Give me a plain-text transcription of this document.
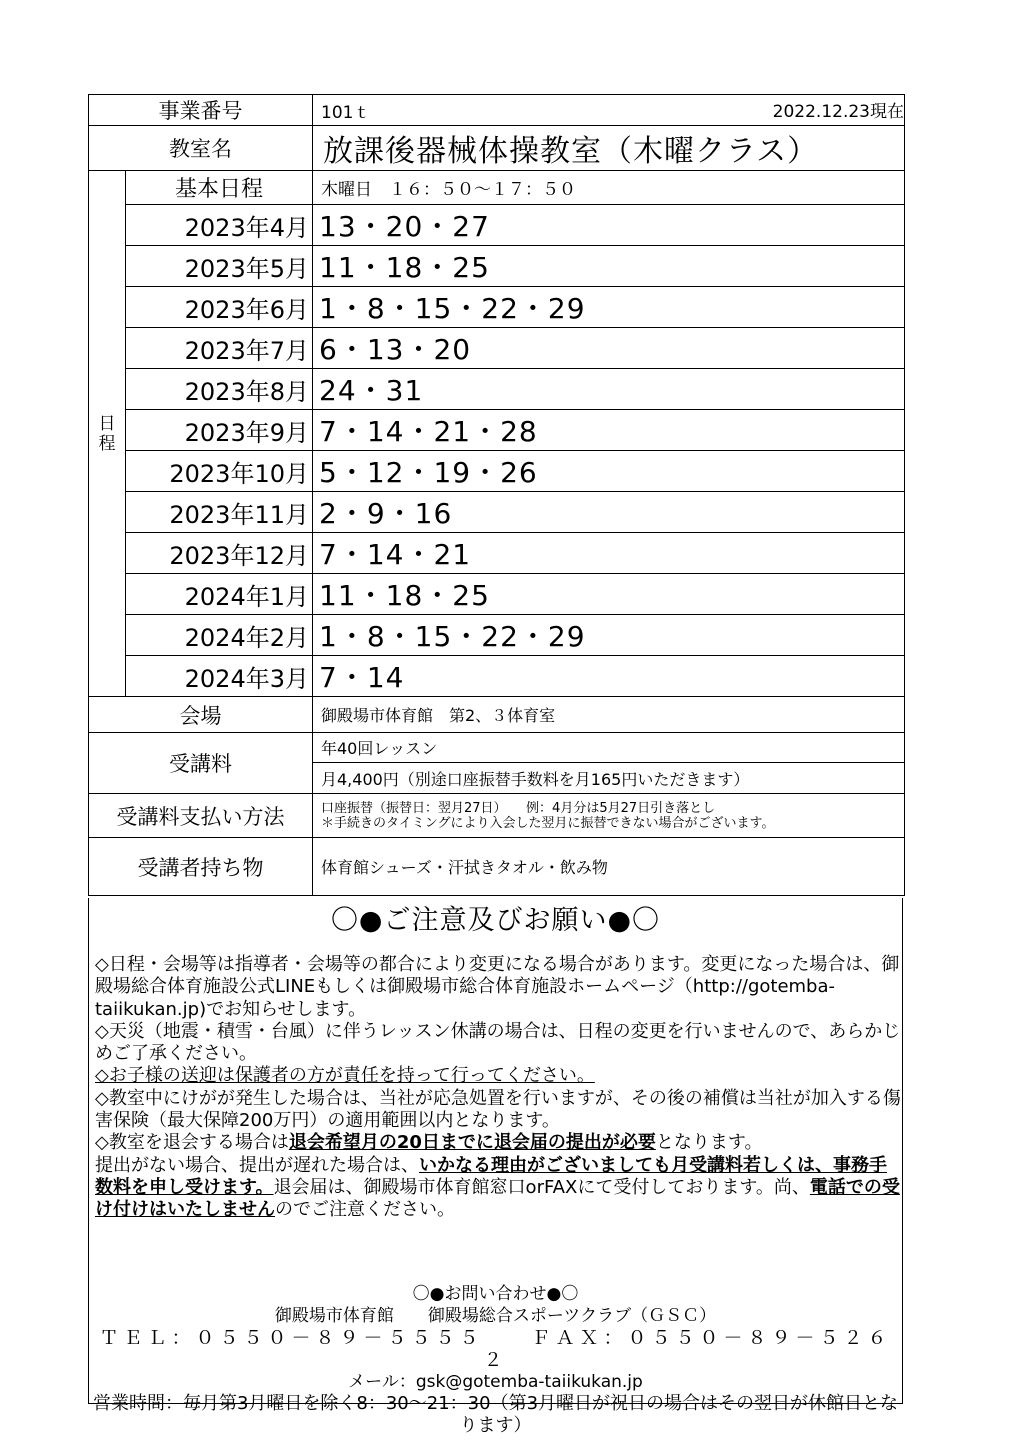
事業番号		101ｔ 2022.12.23現在

教室名		放課後器械体操教室（木曜クラス）
日
程	基本日程	木曜日　１６：５０～１７：５０
	2023年4月	13・20・27
	2023年5月	11・18・25
	2023年6月	1・8・15・22・29
	2023年7月	6・13・20
	2023年8月	24・31
	2023年9月	7・14・21・28
	2023年10月	5・12・19・26
	2023年11月	2・9・16
	2023年12月	7・14・21
	2024年1月	11・18・25
	2024年2月	1・8・15・22・29
	2024年3月	7・14
会場		御殿場市体育館　第2、３体育室
受講料		年40回レッスン
		月4,400円（別途口座振替手数料を月165円いただきます）
受講料支払い方法		口座振替（振替日：翌月27日）　　例：4月分は5月27日引き落とし
＊手続きのタイミングにより入会した翌月に振替できない場合がございます。

受講者持ち物		体育館シューズ・汗拭きタオル・飲み物
〇●ご注意及びお願い●〇

◇日程・会場等は指導者・会場等の都合により変更になる場合があります。変更になった場合は、御殿場総合体育施設公式LINEもしくは御殿場市総合体育施設ホームページ（http://gotemba-taiikukan.jp)でお知らせします。

◇天災（地震・積雪・台風）に伴うレッスン休講の場合は、日程の変更を行いませんので、あらかじめご了承ください。

◇お子様の送迎は保護者の方が責任を持って行ってください。

◇教室中にけがが発生した場合は、当社が応急処置を行いますが、その後の補償は当社が加入する傷害保険（最大保障200万円）の適用範囲以内となります。

◇教室を退会する場合は退会希望月の20日までに退会届の提出が必要となります。

提出がない場合、提出が遅れた場合は、いかなる理由がございましても月受講料若しくは、事務手数料を申し受けます。退会届は、御殿場市体育館窓口orFAXにて受付しております。尚、電話での受け付けはいたしませんのでご注意ください。

〇●お問い合わせ●〇
御殿場市体育館　　御殿場総合スポーツクラブ（ＧＳＣ）
ＴＥＬ：０５５０－８９－５５５５　　ＦＡＸ：０５５０－８９－５２６２
メール：gsk@gotemba-taiikukan.jp
営業時間：毎月第3月曜日を除く8：30～21：30（第3月曜日が祝日の場合はその翌日が休館日となります）
